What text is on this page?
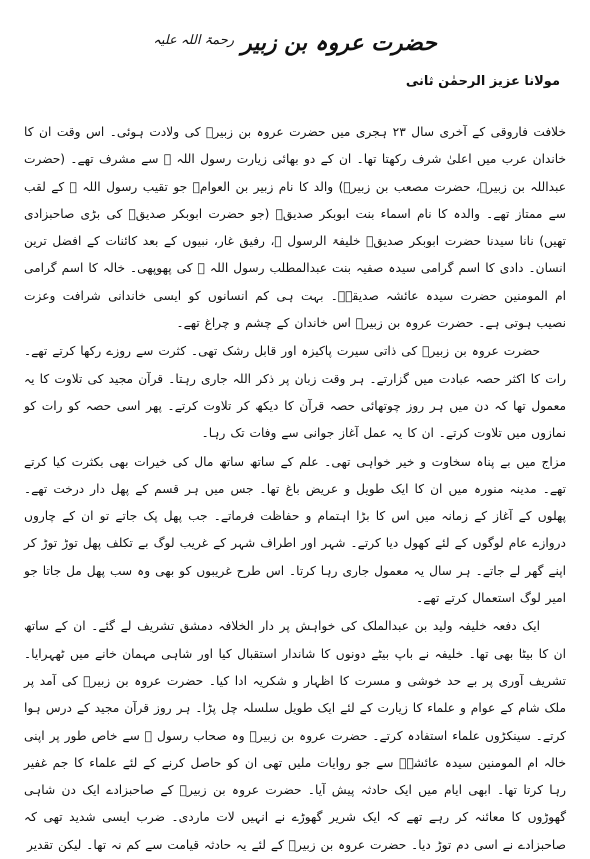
حضرت عروہ بن زبیر رحمۃ اللہ علیہ
مولانا عزیز الرحمٰن ثانی

خلافت فاروقی کے آخری سال ۲۳ ہجری میں حضرت عروہ بن زبیرؒ کی ولادت ہوئی۔ اس وقت ان کا خاندان عرب میں اعلیٰ شرف رکھتا تھا۔ ان کے دو بھائی زیارت رسول اللہ ﷺ سے مشرف تھے۔ (حضرت عبداللہ بن زبیرؓ، حضرت مصعب بن زبیرؓ) والد کا نام زبیر بن العوامؓ جو تقیب رسول اللہ ﷺ کے لقب سے ممتاز تھے۔ والدہ کا نام اسماء بنت ابوبکر صدیقؓ (جو حضرت ابوبکر صدیقؓ کی بڑی صاحبزادی تھیں) نانا سیدنا حضرت ابوبکر صدیقؓ خلیفۃ الرسول ﷺ، رفیق غار، نبیوں کے بعد کائنات کے افضل ترین انسان۔ دادی کا اسم گرامی سیدہ صفیہ بنت عبدالمطلب رسول اللہ ﷺ کی پھوپھی۔ خالہ کا اسم گرامی ام المومنین حضرت سیدہ عائشہ صدیقہؓ۔ بہت ہی کم انسانوں کو ایسی خاندانی شرافت وعزت نصیب ہوتی ہے۔ حضرت عروہ بن زبیرؒ اس خاندان کے چشم و چراغ تھے۔

حضرت عروہ بن زبیرؒ کی ذاتی سیرت پاکیزہ اور قابل رشک تھی۔ کثرت سے روزے رکھا کرتے تھے۔ رات کا اکثر حصہ عبادت میں گزارتے۔ ہر وقت زبان پر ذکر اللہ جاری رہتا۔ قرآن مجید کی تلاوت کا یہ معمول تھا کہ دن میں ہر روز چوتھائی حصہ قرآن کا دیکھ کر تلاوت کرتے۔ پھر اسی حصہ کو رات کو نمازوں میں تلاوت کرتے۔ ان کا یہ عمل آغاز جوانی سے وفات تک رہا۔

مزاج میں بے پناہ سخاوت و خیر خواہی تھی۔ علم کے ساتھ ساتھ مال کی خیرات بھی بکثرت کیا کرتے تھے۔ مدینہ منورہ میں ان کا ایک طویل و عریض باغ تھا۔ جس میں ہر قسم کے پھل دار درخت تھے۔ پھلوں کے آغاز کے زمانہ میں اس کا بڑا اہتمام و حفاظت فرماتے۔ جب پھل پک جاتے تو ان کے چاروں دروازے عام لوگوں کے لئے کھول دیا کرتے۔ شہر اور اطراف شہر کے غریب لوگ بے تکلف پھل توڑ توڑ کر اپنے گھر لے جاتے۔ ہر سال یہ معمول جاری رہا کرتا۔ اس طرح غریبوں کو بھی وہ سب پھل مل جاتا جو امیر لوگ استعمال کرتے تھے۔

ایک دفعہ خلیفہ ولید بن عبدالملک کی خواہش پر دار الخلافہ دمشق تشریف لے گئے۔ ان کے ساتھ ان کا بیٹا بھی تھا۔ خلیفہ نے باپ بیٹے دونوں کا شاندار استقبال کیا اور شاہی مہمان خانے میں ٹھہرایا۔ تشریف آوری پر بے حد خوشی و مسرت کا اظہار و شکریہ ادا کیا۔ حضرت عروہ بن زبیرؒ کی آمد پر ملک شام کے عوام و علماء کا زیارت کے لئے ایک طویل سلسلہ چل پڑا۔ ہر روز قرآن مجید کے درس ہوا کرتے۔ سینکڑوں علماء استفادہ کرتے۔ حضرت عروہ بن زبیرؒ وہ صحاب رسول ﷺ سے خاص طور پر اپنی خالہ ام المومنین سیدہ عائشہؓ سے جو روایات ملیں تھی ان کو حاصل کرنے کے لئے علماء کا جم غفیر رہا کرتا تھا۔ ابھی ایام میں ایک حادثہ پیش آیا۔ حضرت عروہ بن زبیرؒ کے صاحبزادے ایک دن شاہی گھوڑوں کا معائنہ کر رہے تھے کہ ایک شریر گھوڑے نے انہیں لات ماردی۔ ضرب ایسی شدید تھی کہ صاحبزادے نے اسی دم توڑ دیا۔ حضرت عروہ بن زبیرؒ کے لئے یہ حادثہ قیامت سے کم نہ تھا۔ لیکن تقدیر
